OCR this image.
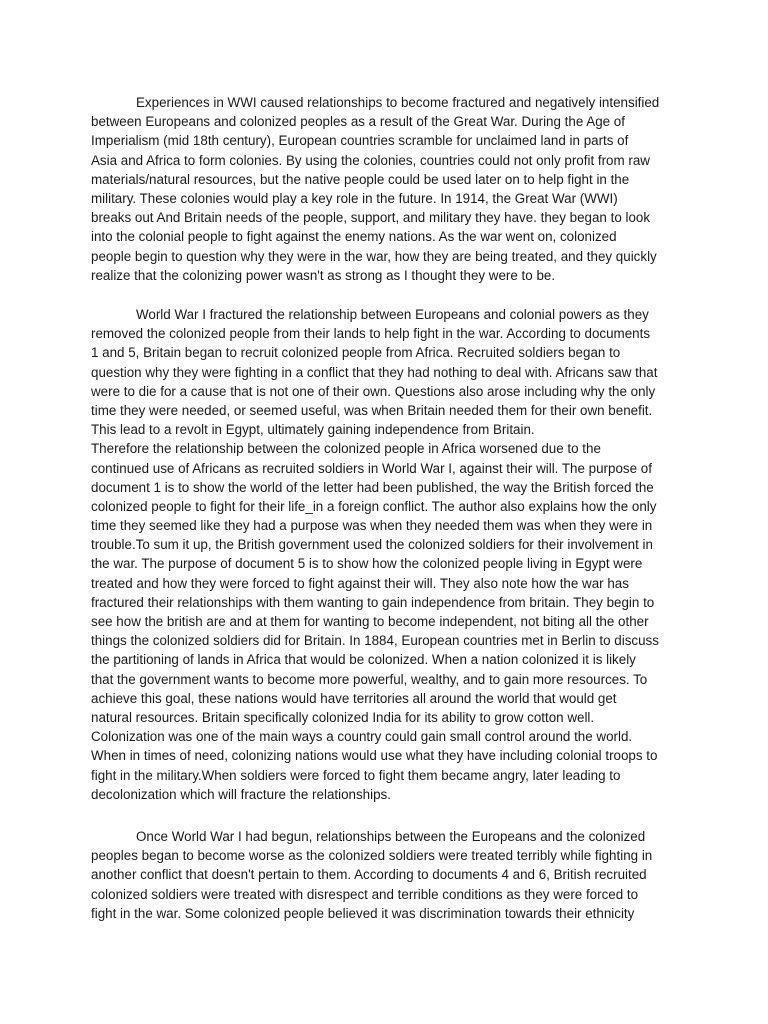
Experiences in WWI caused relationships to become fractured and negatively intensified
between Europeans and colonized peoples as a result of the Great War. During the Age of
Imperialism (mid 18th century), European countries scramble for unclaimed land in parts of
Asia and Africa to form colonies. By using the colonies, countries could not only profit from raw
materials/natural resources, but the native people could be used later on to help fight in the
military. These colonies would play a key role in the future. In 1914, the Great War (WWI)
breaks out And Britain needs of the people, support, and military they have. they began to look
into the colonial people to fight against the enemy nations. As the war went on, colonized
people begin to question why they were in the war, how they are being treated, and they quickly
realize that the colonizing power wasn't as strong as I thought they were to be.
World War I fractured the relationship between Europeans and colonial powers as they
removed the colonized people from their lands to help fight in the war. According to documents
1 and 5, Britain began to recruit colonized people from Africa. Recruited soldiers began to
question why they were fighting in a conflict that they had nothing to deal with. Africans saw that
were to die for a cause that is not one of their own. Questions also arose including why the only
time they were needed, or seemed useful, was when Britain needed them for their own benefit.
This lead to a revolt in Egypt, ultimately gaining independence from Britain.
Therefore the relationship between the colonized people in Africa worsened due to the
continued use of Africans as recruited soldiers in World War I, against their will. The purpose of
document 1 is to show the world of the letter had been published, the way the British forced the
colonized people to fight for their life_in a foreign conflict. The author also explains how the only
time they seemed like they had a purpose was when they needed them was when they were in
trouble.To sum it up, the British government used the colonized soldiers for their involvement in
the war. The purpose of document 5 is to show how the colonized people living in Egypt were
treated and how they were forced to fight against their will. They also note how the war has
fractured their relationships with them wanting to gain independence from britain. They begin to
see how the british are and at them for wanting to become independent, not biting all the other
things the colonized soldiers did for Britain. In 1884, European countries met in Berlin to discuss
the partitioning of lands in Africa that would be colonized. When a nation colonized it is likely
that the government wants to become more powerful, wealthy, and to gain more resources. To
achieve this goal, these nations would have territories all around the world that would get
natural resources. Britain specifically colonized India for its ability to grow cotton well.
Colonization was one of the main ways a country could gain small control around the world.
When in times of need, colonizing nations would use what they have including colonial troops to
fight in the military.When soldiers were forced to fight them became angry, later leading to
decolonization which will fracture the relationships.
Once World War I had begun, relationships between the Europeans and the colonized
peoples began to become worse as the colonized soldiers were treated terribly while fighting in
another conflict that doesn't pertain to them. According to documents 4 and 6, British recruited
colonized soldiers were treated with disrespect and terrible conditions as they were forced to
fight in the war. Some colonized people believed it was discrimination towards their ethnicity
